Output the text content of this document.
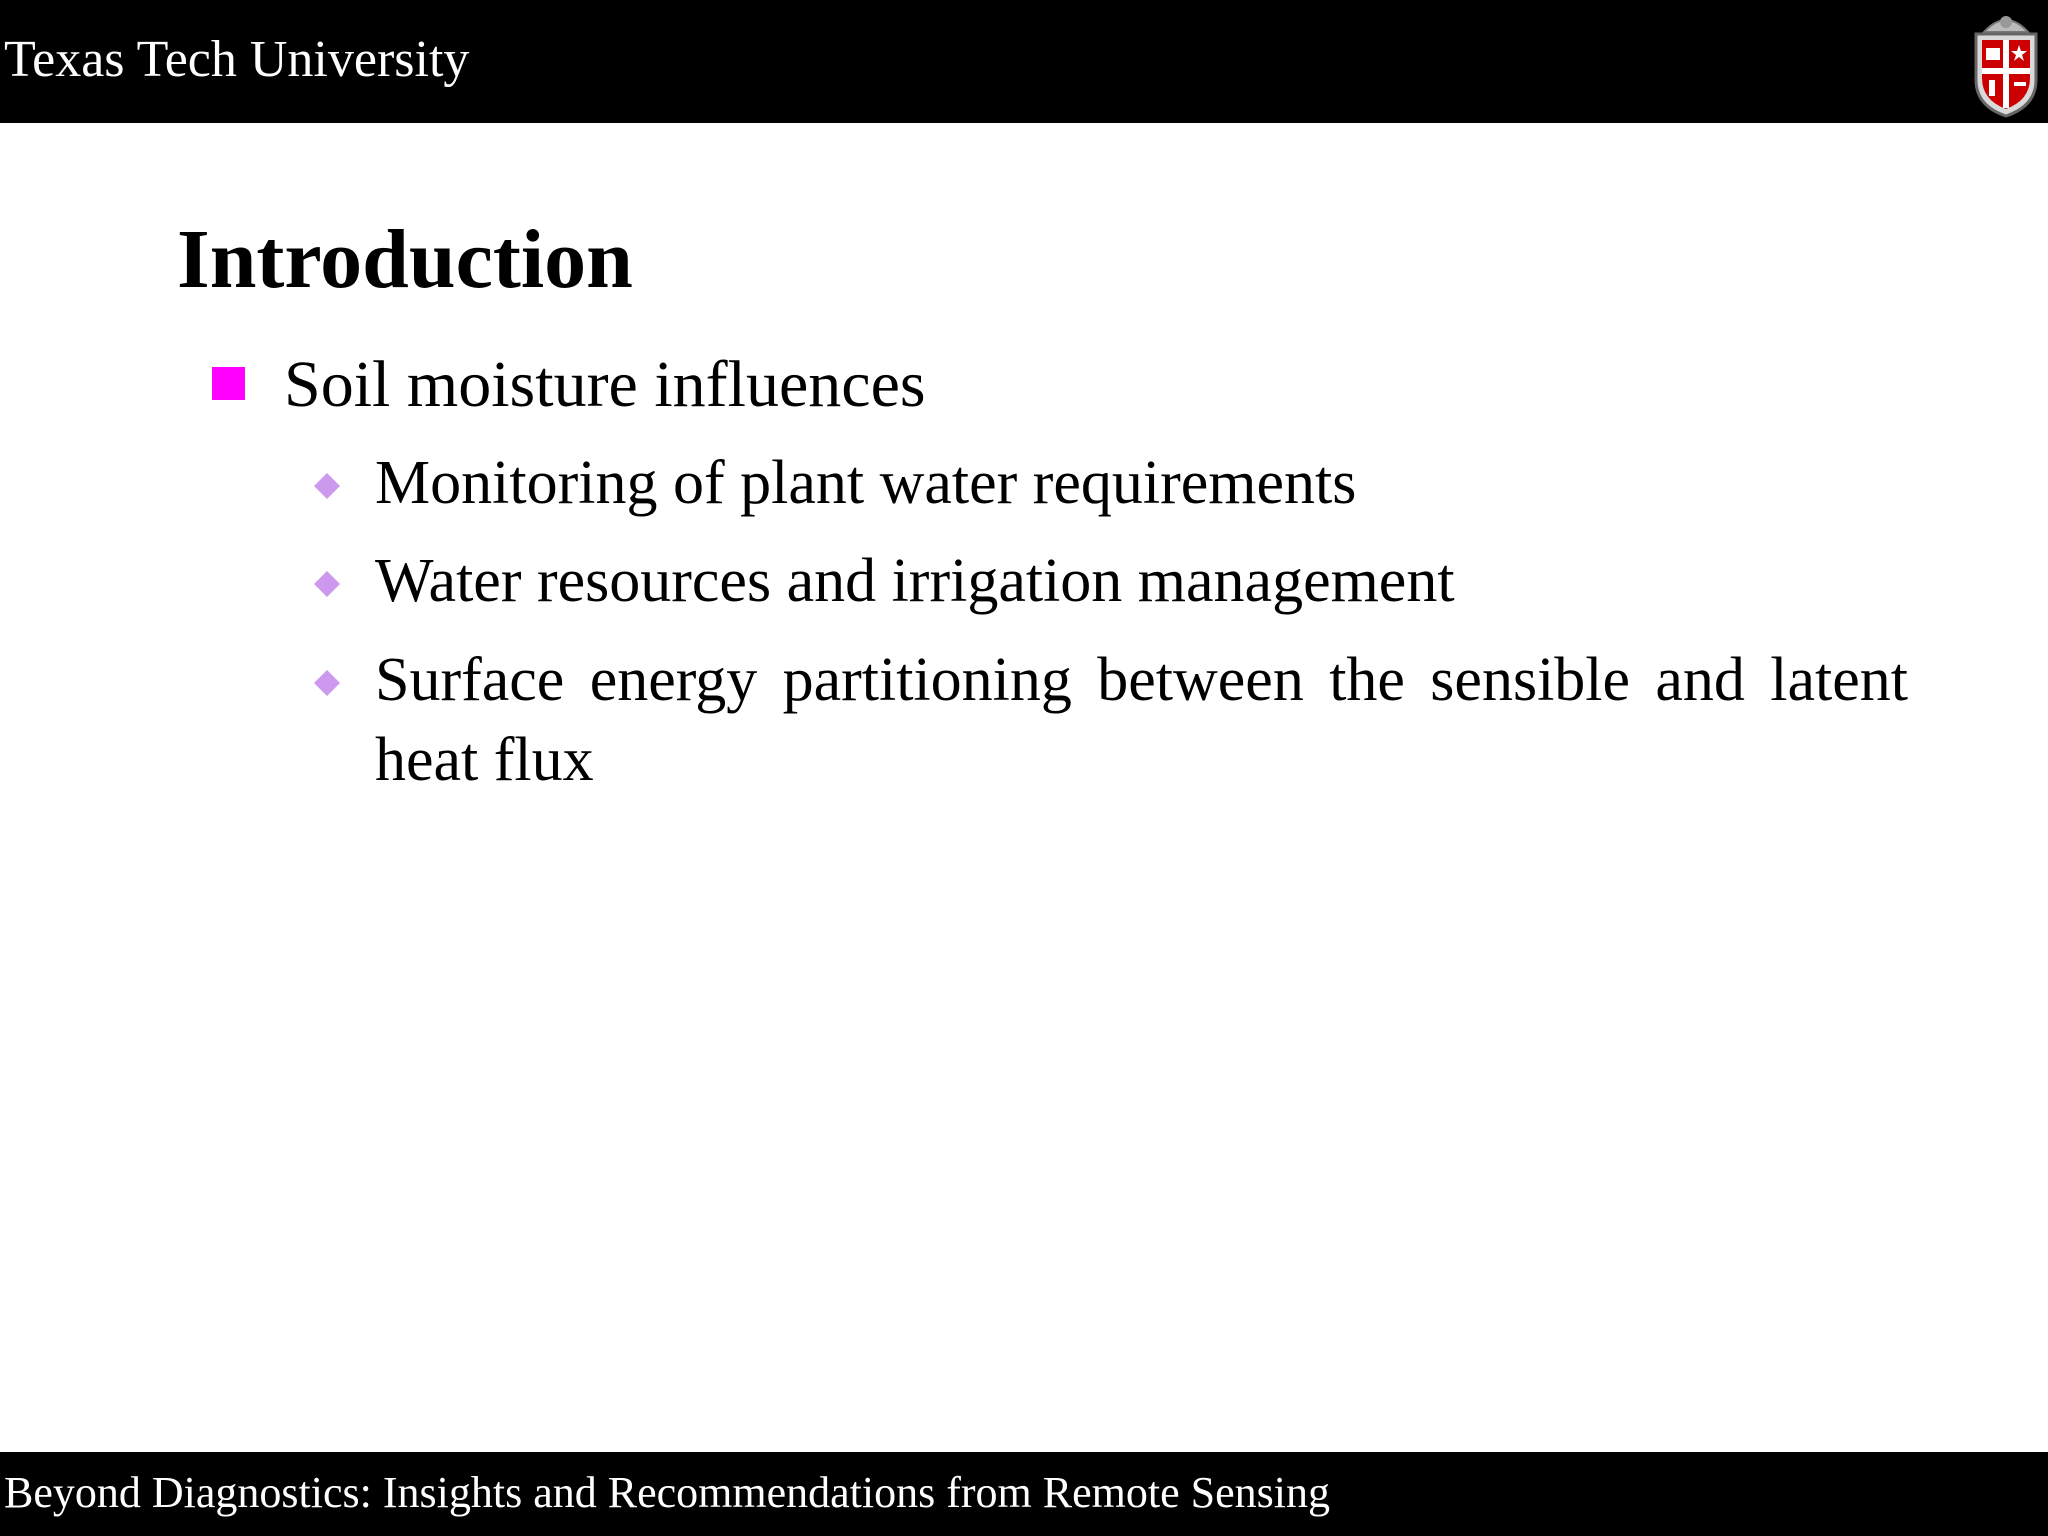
Texas Tech University
Introduction
Soil moisture influences
Monitoring of plant water requirements
Water resources and irrigation management
Surface energy partitioning between the sensible and latent heat flux
Beyond Diagnostics: Insights and Recommendations from Remote Sensing
